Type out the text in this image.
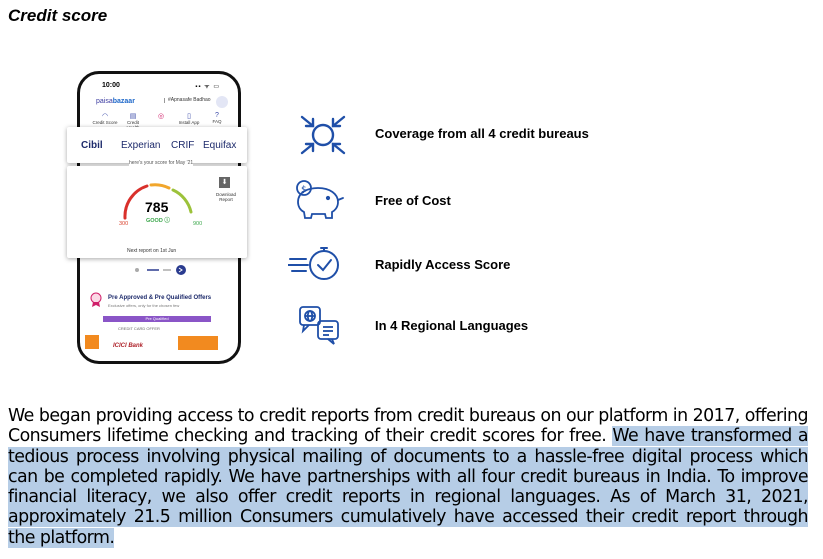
Credit score
10:00	▪▪ ᯤ ▭
paisabazaar	#Apnasafe Badhao
◠
Credit Score
▤
Credit
◎	▯
Install App
?
FAQ
Cibil Experian CRIF Equifax
here's your score for May '21
785
GOOD ⓘ
300	900
⬇
Download Report
Next report on 1st Jun
Pre Approved & Pre Qualified Offers
Exclusive offers, only for the chosen few
Pre Qualified
CREDIT CARD OFFER
ICICI Bank
Coverage from all 4 credit bureaus
$
Free of Cost
Rapidly Access Score
In 4 Regional Languages
We began providing access to credit reports from credit bureaus on our platform in 2017, offering Consumers lifetime checking and tracking of their credit scores for free. We have transformed a tedious process involving physical mailing of documents to a hassle-free digital process which can be completed rapidly. We have partnerships with all four credit bureaus in India. To improve financial literacy, we also offer credit reports in regional languages. As of March 31, 2021, approximately 21.5 million Consumers cumulatively have accessed their credit report through the platform.
